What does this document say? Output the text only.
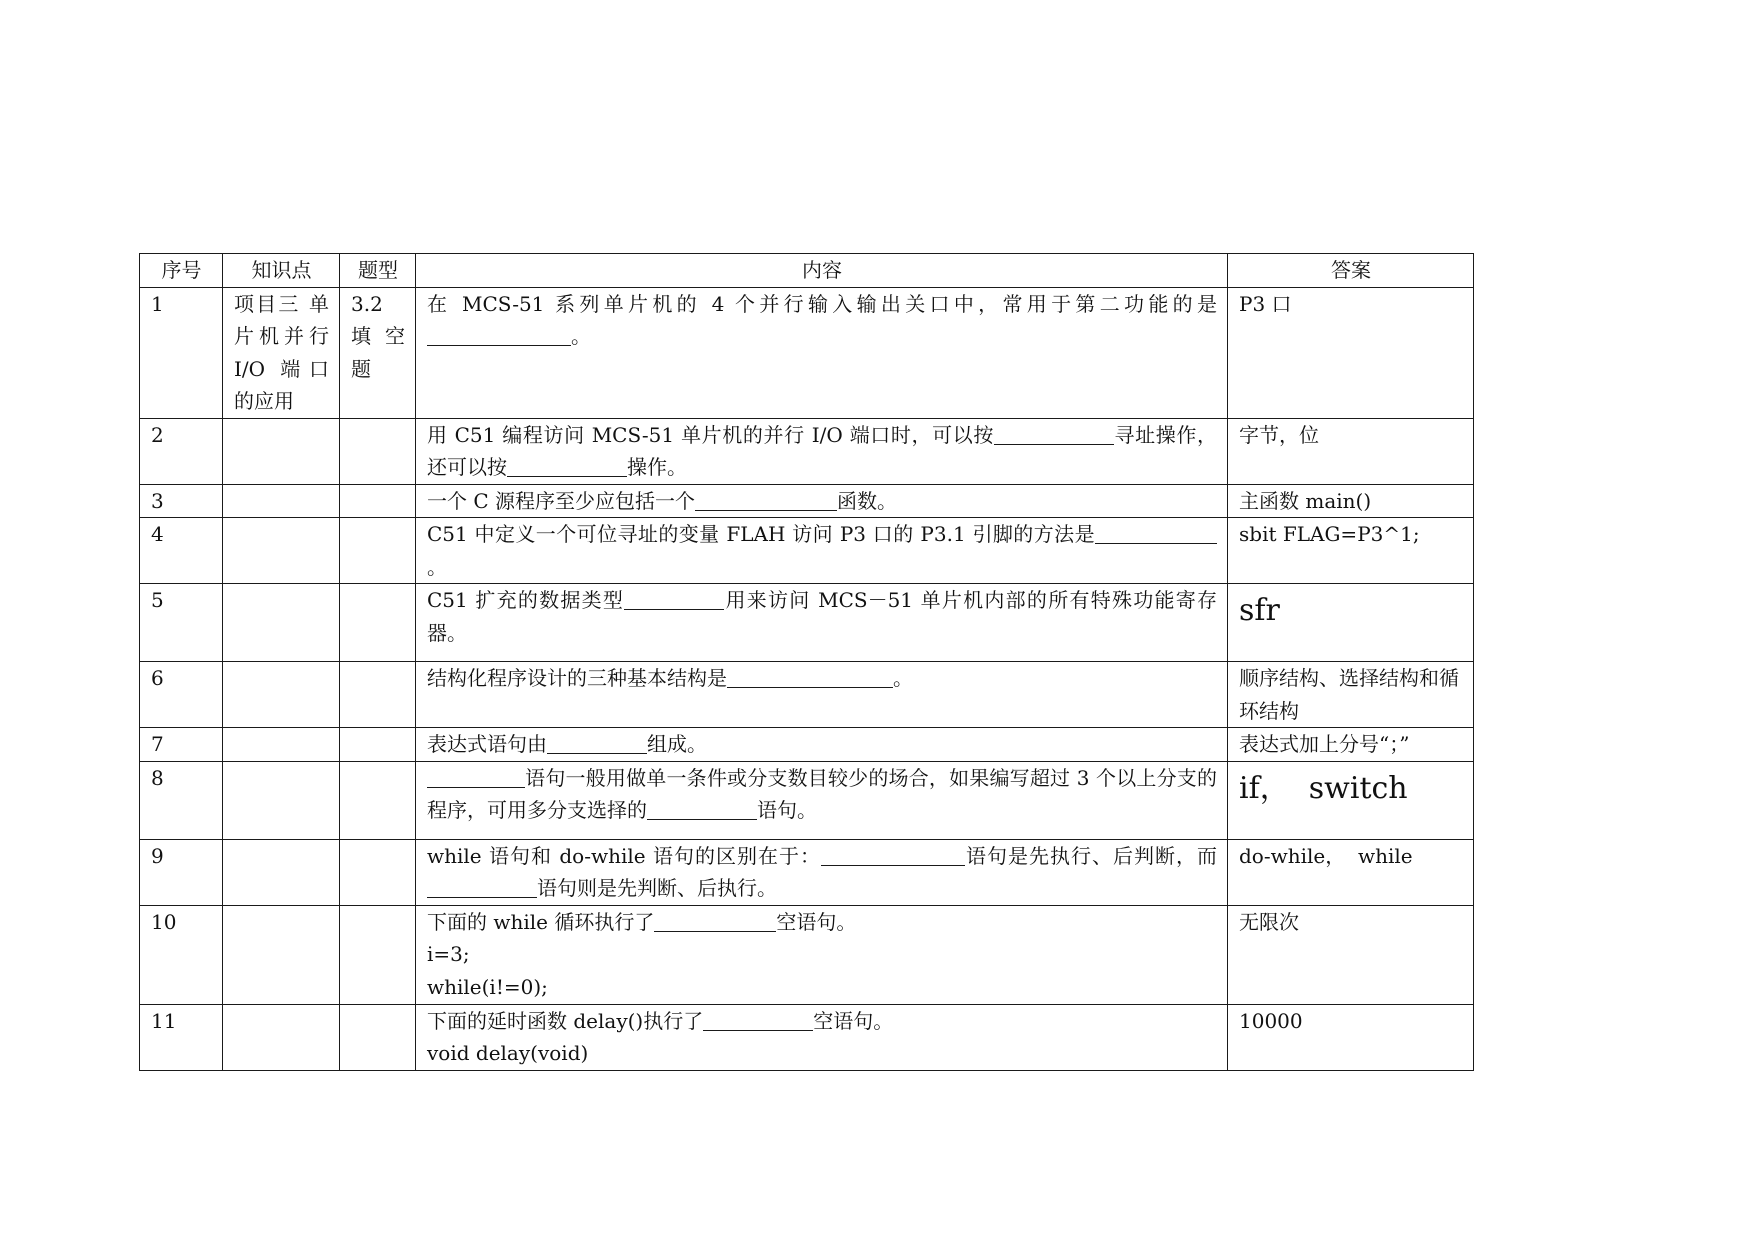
序号	知识点	题型	内容	答案
1	项目三 单片机并行I/O 端口的应用	3.2 填 空题	在 MCS-51 系列单片机的 4 个并行输入输出关口中，常用于第二功能的是。	P3 口
2			用 C51 编程访问 MCS-51 单片机的并行 I/O 端口时，可以按 寻址操作，还可以按 操作。	字节，位
3			一个 C 源程序至少应包括一个 函数。	主函数 main()
4			C51 中定义一个可位寻址的变量 FLAH 访问 P3 口的 P3.1 引脚的方法是。	sbit FLAG=P3^1;
5			C51 扩充的数据类型 用来访问 MCS－51 单片机内部的所有特殊功能寄存器。	sfr
6			结构化程序设计的三种基本结构是 。	顺序结构、选择结构和循环结构
7			表达式语句由 组成。	表达式加上分号“；”
8			语句一般用做单一条件或分支数目较少的场合，如果编写超过 3 个以上分支的程序，可用多分支选择的 语句。	if，  switch
9			while 语句和 do-while 语句的区别在于： 语句是先执行、后判断，而语句则是先判断、后执行。	do-while，  while
10			下面的 while 循环执行了 空语句。
i=3;
while(i!=0);	无限次
11			下面的延时函数 delay()执行了 空语句。
void delay(void)	10000
